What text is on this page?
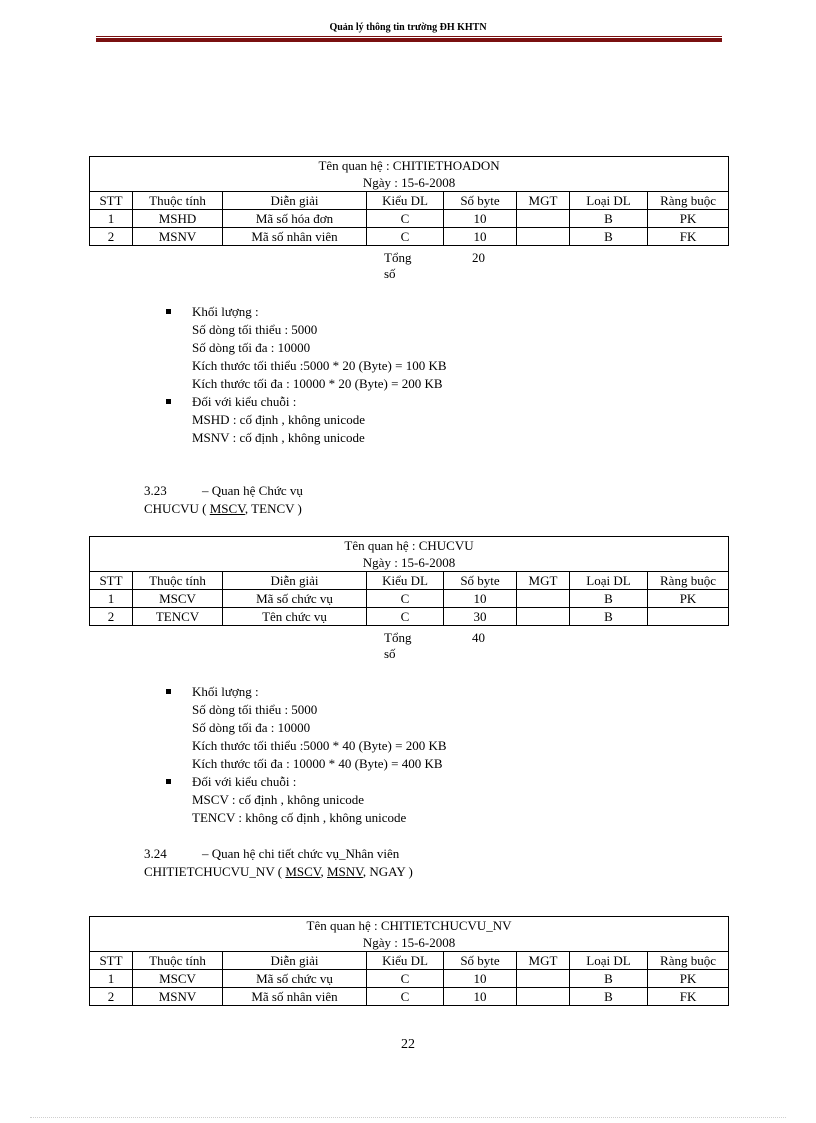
Quản lý thông tin trường ĐH KHTN
Tên quan hệ : CHITIETHOADON							
Ngày : 15-6-2008							
STT	Thuộc tính	Diễn giải	Kiểu DL	Số byte	MGT	Loại DL	Ràng buộc
1	MSHD	Mã số hóa đơn	C	10		B	PK
2	MSNV	Mã số nhân viên	C	10		B	FK
Tổng số
20
Khối lượng :
Số dòng tối thiểu : 5000
Số dòng tối đa : 10000
Kích thước tối thiểu :5000 * 20 (Byte) = 100 KB
Kích thước tối đa : 10000 * 20 (Byte) = 200 KB
Đối với kiểu chuỗi :
MSHD : cố định , không unicode
MSNV : cố định , không unicode
3.23	– Quan hệ Chức vụ
CHUCVU ( MSCV, TENCV )
Tên quan hệ : CHUCVU							
Ngày : 15-6-2008							
STT	Thuộc tính	Diễn giải	Kiểu DL	Số byte	MGT	Loại DL	Ràng buộc
1	MSCV	Mã số chức vụ	C	10		B	PK
2	TENCV	Tên chức vụ	C	30		B	
Tổng số
40
Khối lượng :
Số dòng tối thiểu : 5000
Số dòng tối đa : 10000
Kích thước tối thiểu :5000 * 40 (Byte) = 200 KB
Kích thước tối đa : 10000 * 40 (Byte) = 400 KB
Đối với kiểu chuỗi :
MSCV : cố định , không unicode
TENCV : không cố định , không unicode
3.24	– Quan hệ chi tiết chức vụ_Nhân viên
CHITIETCHUCVU_NV ( MSCV, MSNV, NGAY )
Tên quan hệ : CHITIETCHUCVU_NV							
Ngày : 15-6-2008							
STT	Thuộc tính	Diễn giải	Kiểu DL	Số byte	MGT	Loại DL	Ràng buộc
1	MSCV	Mã số chức vụ	C	10		B	PK
2	MSNV	Mã số nhân viên	C	10		B	FK
22
